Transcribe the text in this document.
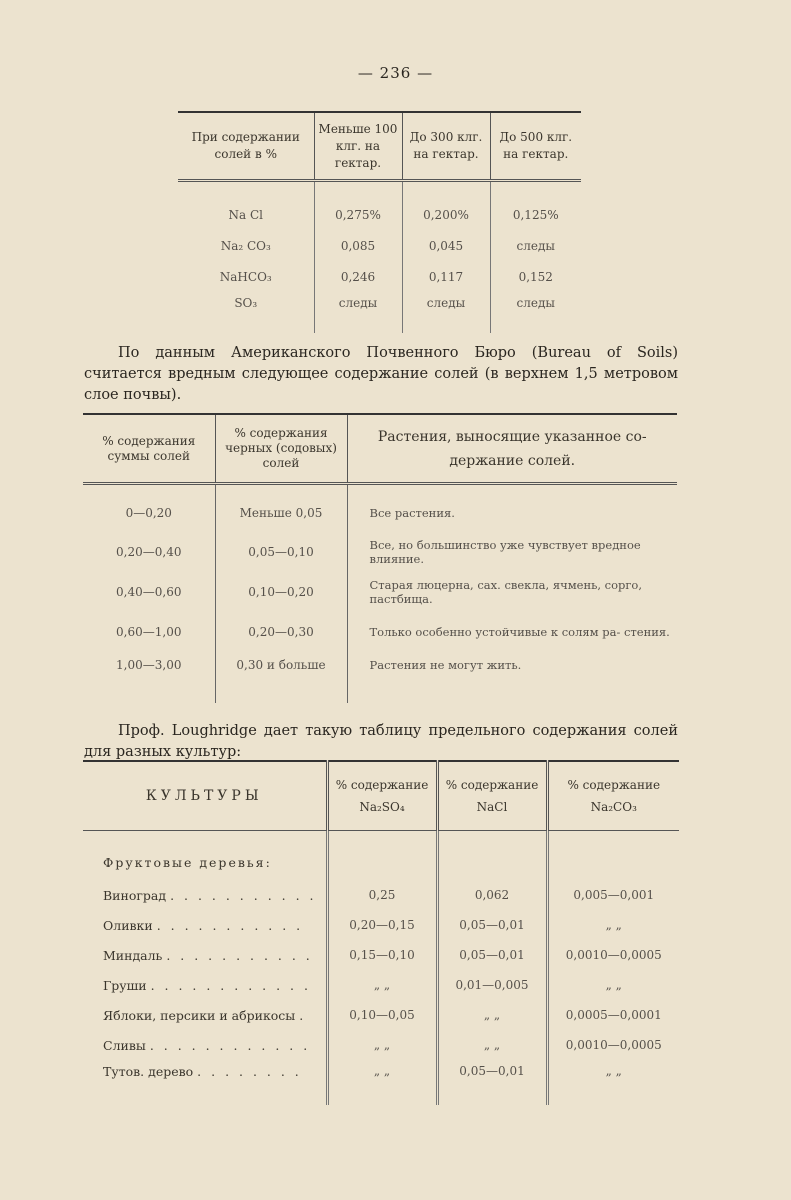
— 236 —
При содержании солей в %	Меньше 100 клг. на гектар.	До 300 клг. на гектар.	До 500 клг. на гектар.
Na Cl	0,275%	0,200%	0,125%
Na₂ CO₃	0,085	0,045	следы
NaHCO₃	0,246	0,117	0,152
SO₃	следы	следы	следы

По данным Американского Почвенного Бюро (Bureau of Soils) считается вредным следующее содержание солей (в верхнем 1,5 метровом слое почвы).

% содержания суммы солей	% содержания черных (содовых) солей	Растения, выносящие указанное со- держание солей.
0—0,20	Меньше 0,05	Все растения.
0,20—0,40	0,05—0,10	Все, но большинство уже чувствует вредное влияние.
0,40—0,60	0,10—0,20	Старая люцерна, сах. свекла, ячмень, сорго, пастбища.
0,60—1,00	0,20—0,30	Только особенно устойчивые к солям ра- стения.
1,00—3,00	0,30 и больше	Растения не могут жить.

Проф. Loughridge дает такую таблицу предельного содержания солей для разных культур:

КУЛЬТУРЫ	% содержание Na₂SO₄	% содержание NaCl	% содержание Na₂CO₃
Фруктовые деревья:			
Виноград . . . . . . . . . . .	0,25	0,062	0,005—0,001
Оливки . . . . . . . . . . .	0,20—0,15	0,05—0,01	„ „
Миндаль . . . . . . . . . . .	0,15—0,10	0,05—0,01	0,0010—0,0005
Груши . . . . . . . . . . . .	„ „	0,01—0,005	„ „
Яблоки, персики и абрикосы .	0,10—0,05	„ „	0,0005—0,0001
Сливы . . . . . . . . . . . .	„ „	„ „	0,0010—0,0005
Тутов. дерево . . . . . . . .	„ „	0,05—0,01	„ „
